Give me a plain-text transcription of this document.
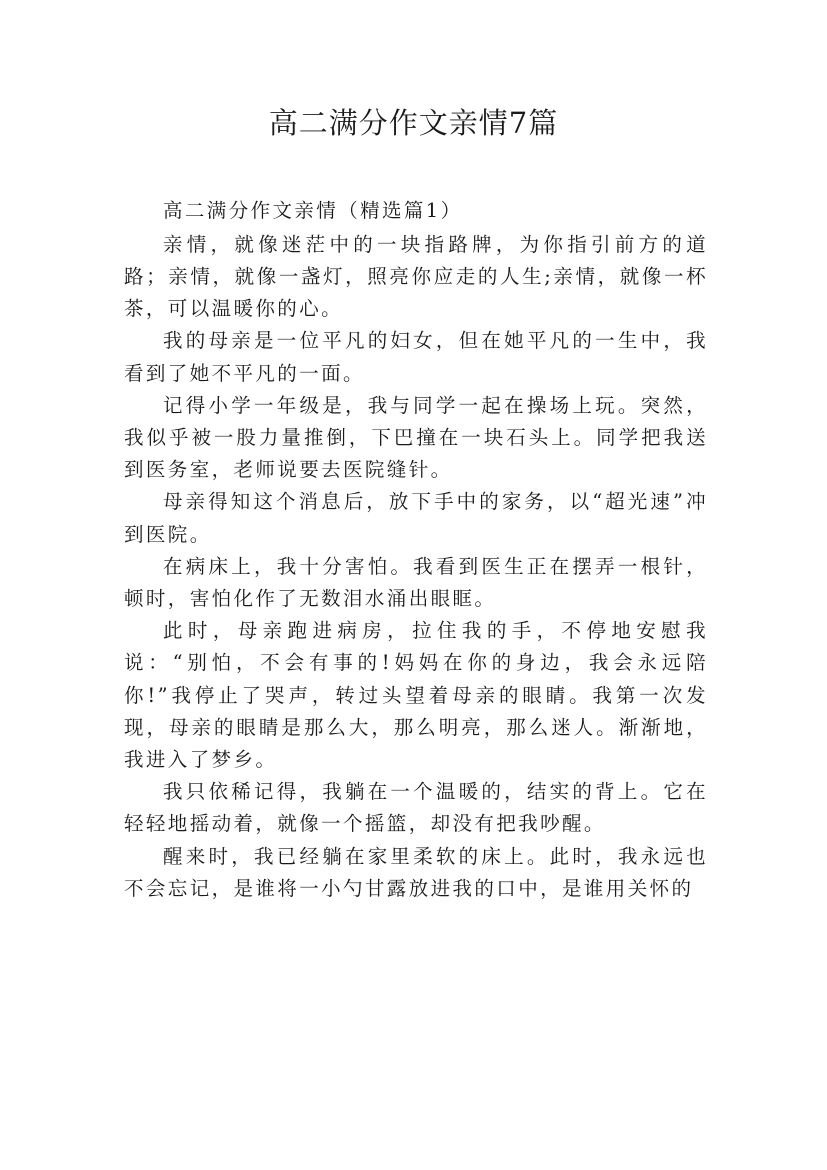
高二满分作文亲情7篇

高二满分作文亲情（精选篇1）

亲情，就像迷茫中的一块指路牌，为你指引前方的道路；亲情，就像一盏灯，照亮你应走的人生;亲情，就像一杯茶，可以温暖你的心。

我的母亲是一位平凡的妇女，但在她平凡的一生中，我看到了她不平凡的一面。

记得小学一年级是，我与同学一起在操场上玩。突然，我似乎被一股力量推倒，下巴撞在一块石头上。同学把我送到医务室，老师说要去医院缝针。

母亲得知这个消息后，放下手中的家务，以“超光速”冲到医院。

在病床上，我十分害怕。我看到医生正在摆弄一根针，顿时，害怕化作了无数泪水涌出眼眶。

此时，母亲跑进病房，拉住我的手，不停地安慰我说：“别怕，不会有事的!妈妈在你的身边，我会永远陪你!”我停止了哭声，转过头望着母亲的眼睛。我第一次发现，母亲的眼睛是那么大，那么明亮，那么迷人。渐渐地，我进入了梦乡。

我只依稀记得，我躺在一个温暖的，结实的背上。它在轻轻地摇动着，就像一个摇篮，却没有把我吵醒。

醒来时，我已经躺在家里柔软的床上。此时，我永远也不会忘记，是谁将一小勺甘露放进我的口中，是谁用关怀的
